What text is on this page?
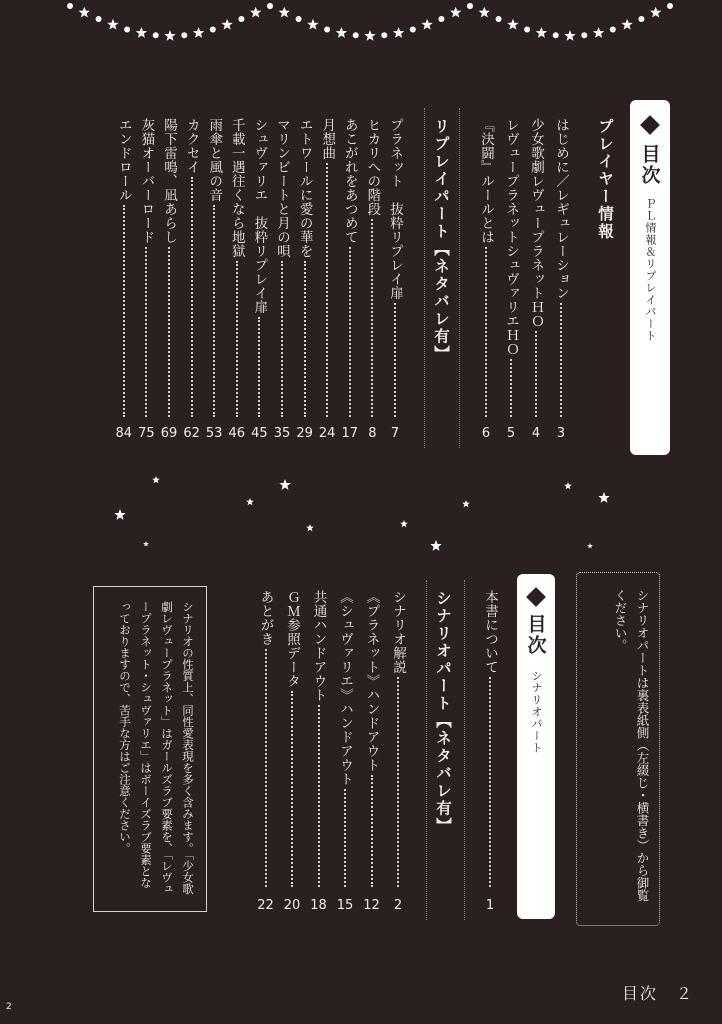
目次
ＰＬ情報＆リプレイパート
プレイヤー情報
はじめに／レギュレーション
3
少女歌劇レヴュープラネットＨＯ
4
レヴュープラネットシュヴァリエＨＯ
5
『決闘』ルールとは
6
リプレイパート【ネタバレ有】
プラネット　抜粋リプレイ扉
7
ヒカリへの階段
8
あこがれをあつめて
17
月想曲
24
エトワールに愛の華を
29
マリンビートと月の唄
35
シュヴァリエ　抜粋リプレイ扉
45
千載一遇往くなら地獄
46
雨傘と風の音
53
カクセイ
62
陽下雷鳴、凪あらし
69
灰猫オーバーロード
75
エンドロール
84
シナリオパートは裏表紙側（左綴じ・横書き）から御覧ください。
目次
シナリオパート
本書について
1
シナリオパート【ネタバレ有】
シナリオ解説
2
《プラネット》ハンドアウト
12
《シュヴァリエ》ハンドアウト
15
共通ハンドアウト
18
ＧＭ参照データ
20
あとがき
22
シナリオの性質上、同性愛表現を多く含みます。「少女歌劇レヴュープラネット」はガールズラブ要素を、「レヴュープラネット・シュヴァリエ」はボーイズラブ要素となっておりますので、苦手な方はご注意ください。
目次　２
2
